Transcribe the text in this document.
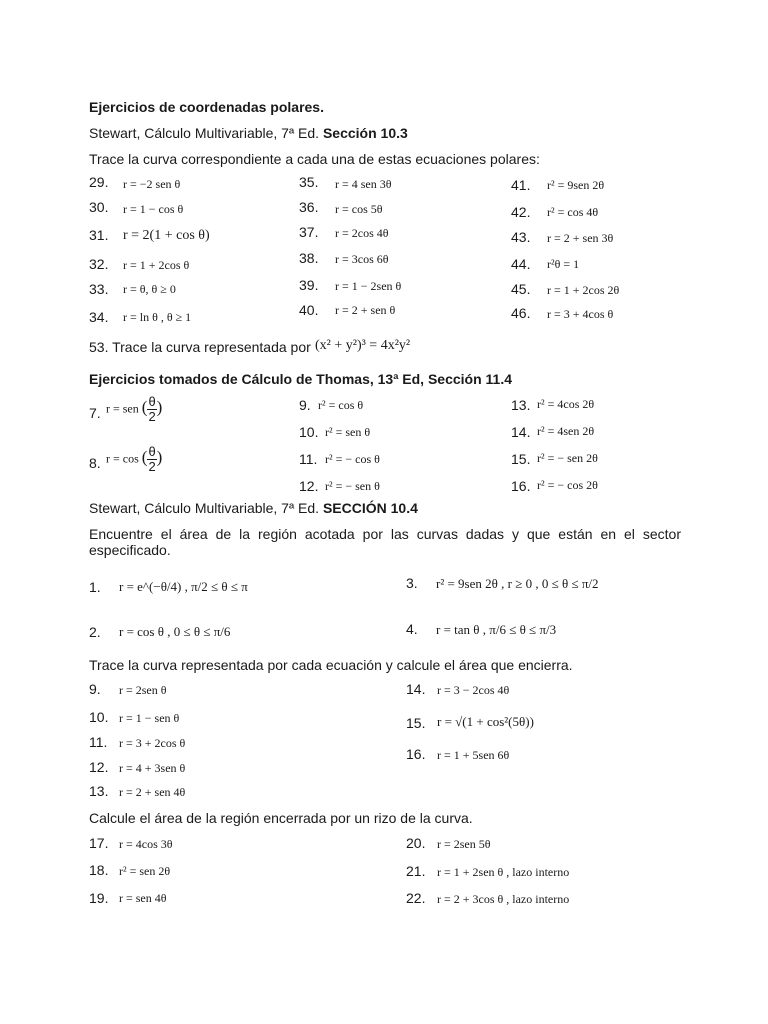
Ejercicios de coordenadas polares.
Stewart, Cálculo Multivariable, 7ª Ed. Sección 10.3
Trace la curva correspondiente a cada una de estas ecuaciones polares:
29. r = −2 sen θ
30. r = 1 − cos θ
31. r = 2(1 + cos θ)
32. r = 1 + 2cos θ
33. r = θ, θ ≥ 0
34. r = ln θ , θ ≥ 1
35. r = 4 sen 3θ
36. r = cos 5θ
37. r = 2cos 4θ
38. r = 3cos 6θ
39. r = 1 − 2sen θ
40. r = 2 + sen θ
41. r² = 9sen 2θ
42. r² = cos 4θ
43. r = 2 + sen 3θ
44. r²θ = 1
45. r = 1 + 2cos 2θ
46. r = 3 + 4cos θ
53. Trace la curva representada por (x² + y²)³ = 4x²y²
Ejercicios tomados de Cálculo de Thomas, 13ª Ed, Sección 11.4
7. r = sen ( $\frac{\theta}{2}$ )
8. r = cos ( $\frac{\theta}{2}$ )
9. r² = cos θ
10. r² = sen θ
11. r² = − cos θ
12. r² = − sen θ
13. r² = 4cos 2θ
14. r² = 4sen 2θ
15. r² = − sen 2θ
16. r² = − cos 2θ
Stewart, Cálculo Multivariable, 7ª Ed. SECCIÓN 10.4
Encuentre el área de la región acotada por las curvas dadas y que están en el sector especificado.
1. r = e^(−θ/4) , π/2 ≤ θ ≤ π
2. r = cos θ , 0 ≤ θ ≤ π/6
3. r² = 9sen 2θ , r ≥ 0 , 0 ≤ θ ≤ π/2
4. r = tan θ , π/6 ≤ θ ≤ π/3
Trace la curva representada por cada ecuación y calcule el área que encierra.
9. r = 2sen θ
10. r = 1 − sen θ
11. r = 3 + 2cos θ
12. r = 4 + 3sen θ
13. r = 2 + sen 4θ
14. r = 3 − 2cos 4θ
15. r = √(1 + cos²(5θ))
16. r = 1 + 5sen 6θ
Calcule el área de la región encerrada por un rizo de la curva.
17. r = 4cos 3θ
18. r² = sen 2θ
19. r = sen 4θ
20. r = 2sen 5θ
21. r = 1 + 2sen θ , lazo interno
22. r = 2 + 3cos θ , lazo interno
